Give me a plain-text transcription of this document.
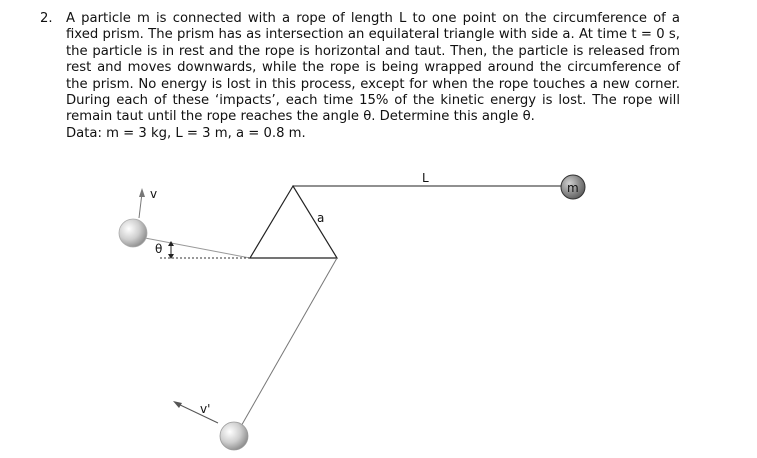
2.	A particle m is connected with a rope of length L to one point on the circumference of a fixed prism. The prism has as intersection an equilateral triangle with side a. At time t = 0 s, the particle is in rest and the rope is horizontal and taut. Then, the particle is released from rest and moves downwards, while the rope is being wrapped around the circumference of the prism. No energy is lost in this process, except for when the rope touches a new corner. During each of these ‘impacts’, each time 15% of the kinetic energy is lost. The rope will remain taut until the rope reaches the angle θ. Determine this angle θ.

Data: m = 3 kg, L = 3 m, a = 0.8 m.

L
m
a
v'
v
θ
